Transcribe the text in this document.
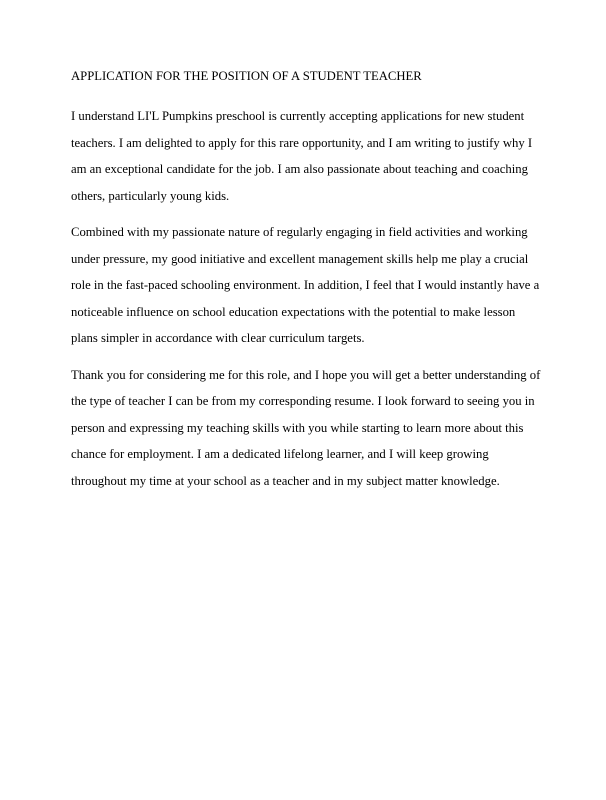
APPLICATION FOR THE POSITION OF A STUDENT TEACHER

I understand LI'L Pumpkins preschool is currently accepting applications for new student teachers. I am delighted to apply for this rare opportunity, and I am writing to justify why I am an exceptional candidate for the job. I am also passionate about teaching and coaching others, particularly young kids.

Combined with my passionate nature of regularly engaging in field activities and working under pressure, my good initiative and excellent management skills help me play a crucial role in the fast-paced schooling environment. In addition, I feel that I would instantly have a noticeable influence on school education expectations with the potential to make lesson plans simpler in accordance with clear curriculum targets.

Thank you for considering me for this role, and I hope you will get a better understanding of the type of teacher I can be from my corresponding resume. I look forward to seeing you in person and expressing my teaching skills with you while starting to learn more about this chance for employment. I am a dedicated lifelong learner, and I will keep growing throughout my time at your school as a teacher and in my subject matter knowledge.
